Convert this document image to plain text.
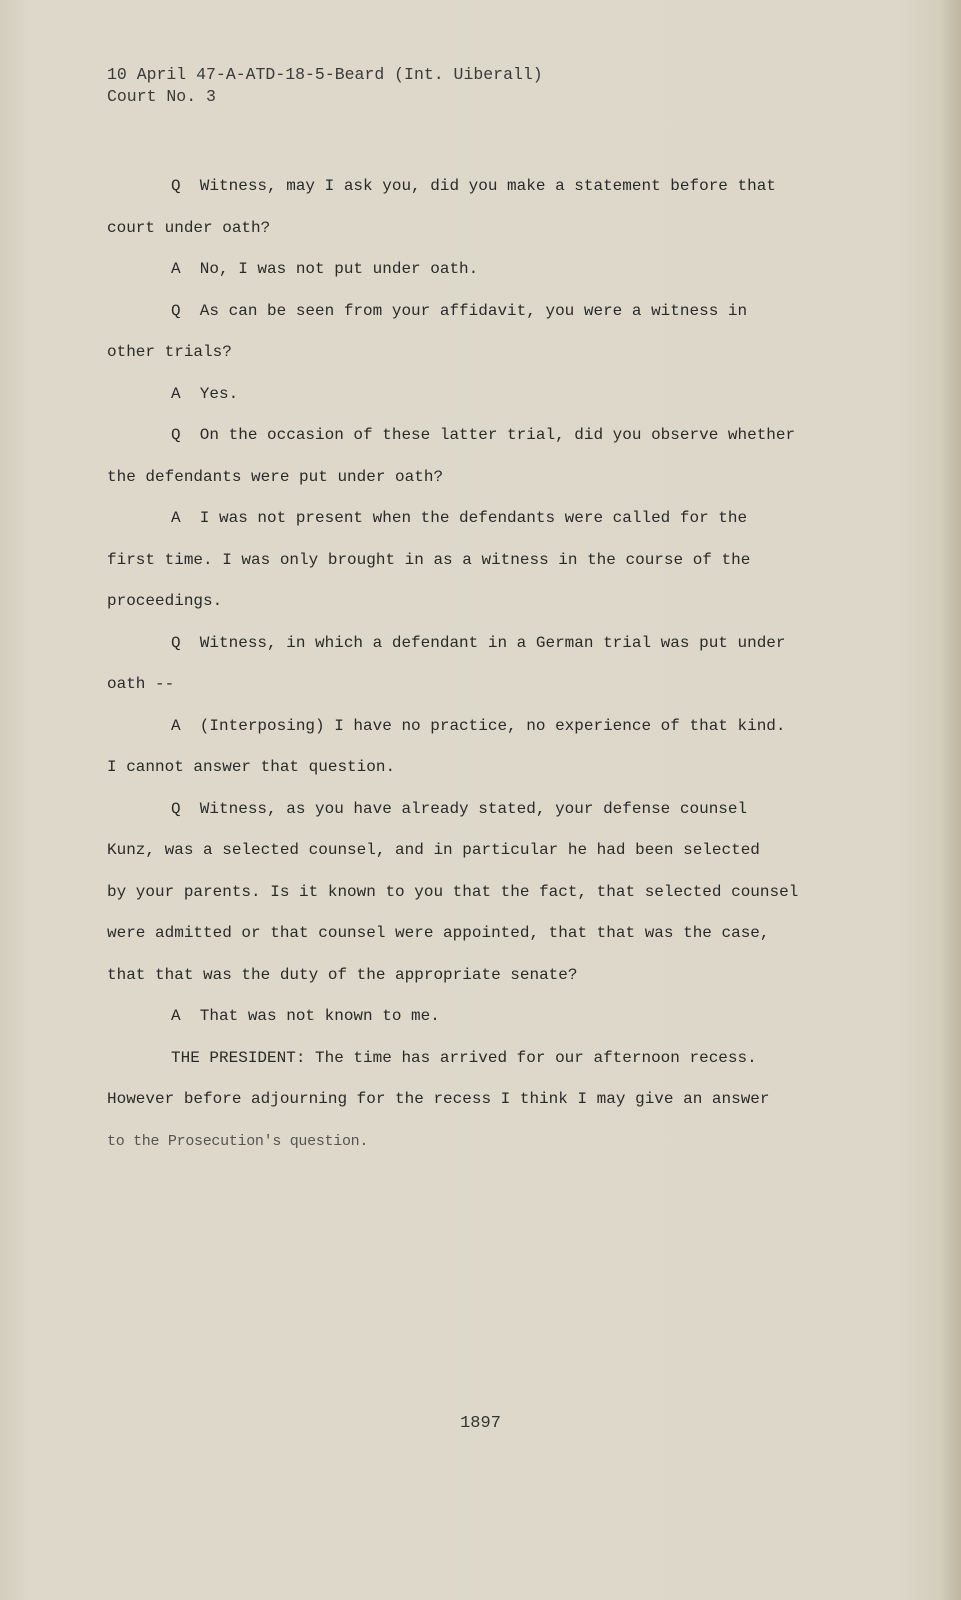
10 April 47-A-ATD-18-5-Beard (Int. Uiberall)
Court No. 3
Q  Witness, may I ask you, did you make a statement before that
court under oath?
A  No, I was not put under oath.
Q  As can be seen from your affidavit, you were a witness in
other trials?
A  Yes.
Q  On the occasion of these latter trial, did you observe whether
the defendants were put under oath?
A  I was not present when the defendants were called for the
first time. I was only brought in as a witness in the course of the
proceedings.
Q  Witness, in which a defendant in a German trial was put under
oath --
A  (Interposing) I have no practice, no experience of that kind.
I cannot answer that question.
Q  Witness, as you have already stated, your defense counsel
Kunz, was a selected counsel, and in particular he had been selected
by your parents. Is it known to you that the fact, that selected counsel
were admitted or that counsel were appointed, that that was the case,
that that was the duty of the appropriate senate?
A  That was not known to me.
THE PRESIDENT: The time has arrived for our afternoon recess.
However before adjourning for the recess I think I may give an answer
to the Prosecution's question.
1897
